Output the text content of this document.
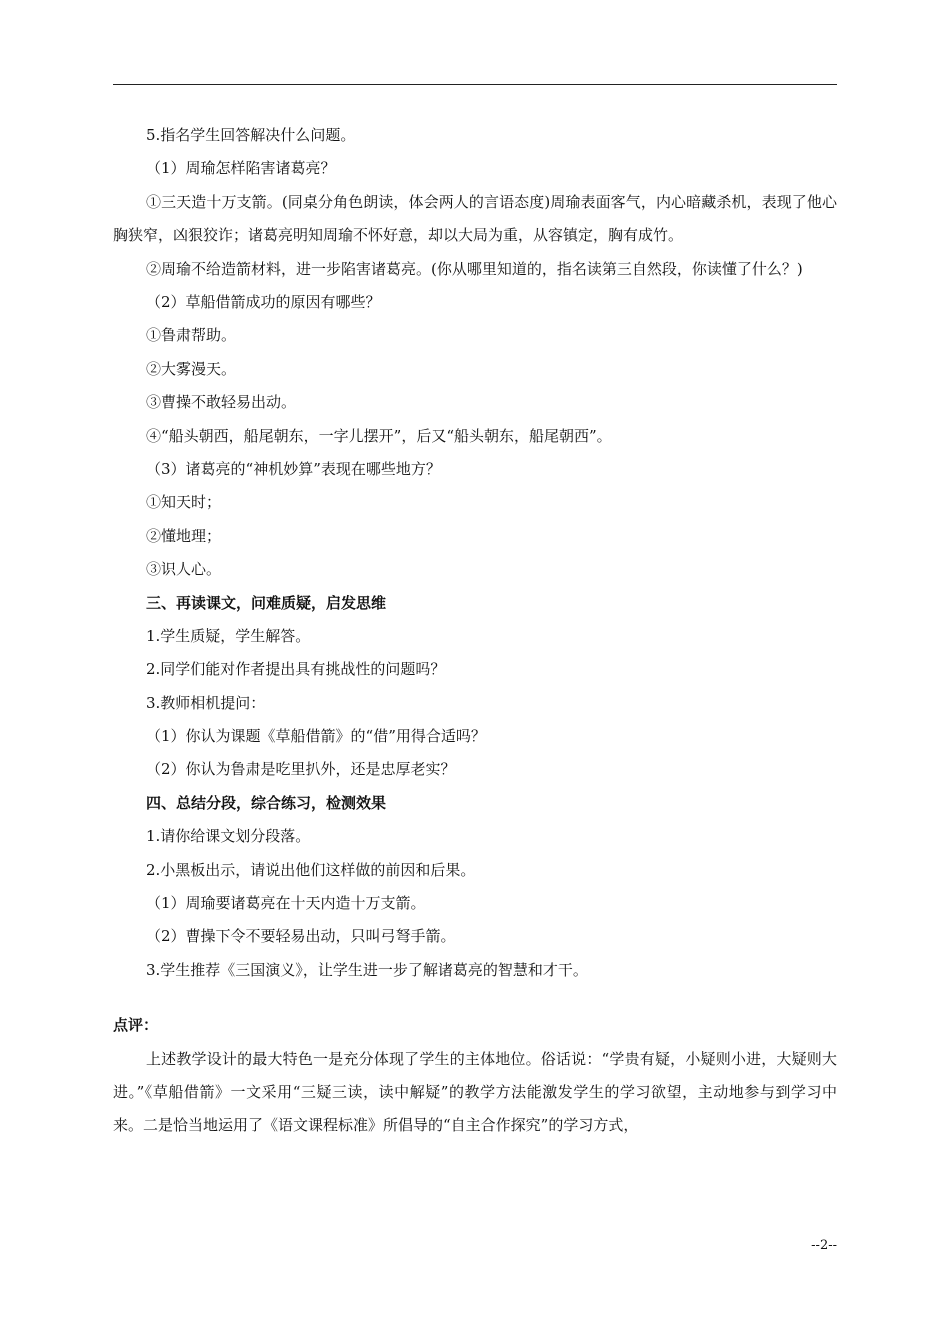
5.指名学生回答解决什么问题。
（1）周瑜怎样陷害诸葛亮？
①三天造十万支箭。(同桌分角色朗读，体会两人的言语态度)周瑜表面客气，内心暗藏杀机，表现了他心胸狭窄，凶狠狡诈；诸葛亮明知周瑜不怀好意，却以大局为重，从容镇定，胸有成竹。
②周瑜不给造箭材料，进一步陷害诸葛亮。(你从哪里知道的，指名读第三自然段，你读懂了什么？)
（2）草船借箭成功的原因有哪些？
①鲁肃帮助。
②大雾漫天。
③曹操不敢轻易出动。
④“船头朝西，船尾朝东，一字儿摆开”，后又“船头朝东，船尾朝西”。
（3）诸葛亮的“神机妙算”表现在哪些地方？
①知天时；
②懂地理；
③识人心。
三、再读课文，问难质疑，启发思维
1.学生质疑，学生解答。
2.同学们能对作者提出具有挑战性的问题吗？
3.教师相机提问：
（1）你认为课题《草船借箭》的“借”用得合适吗？
（2）你认为鲁肃是吃里扒外，还是忠厚老实？
四、总结分段，综合练习，检测效果
1.请你给课文划分段落。
2.小黑板出示，请说出他们这样做的前因和后果。
（1）周瑜要诸葛亮在十天内造十万支箭。
（2）曹操下令不要轻易出动，只叫弓弩手箭。
3.学生推荐《三国演义》，让学生进一步了解诸葛亮的智慧和才干。
点评：
上述教学设计的最大特色一是充分体现了学生的主体地位。俗话说：“学贵有疑，小疑则小进，大疑则大进。”《草船借箭》一文采用“三疑三读，读中解疑”的教学方法能激发学生的学习欲望，主动地参与到学习中来。二是恰当地运用了《语文课程标准》所倡导的“自主合作探究”的学习方式，
--2--
